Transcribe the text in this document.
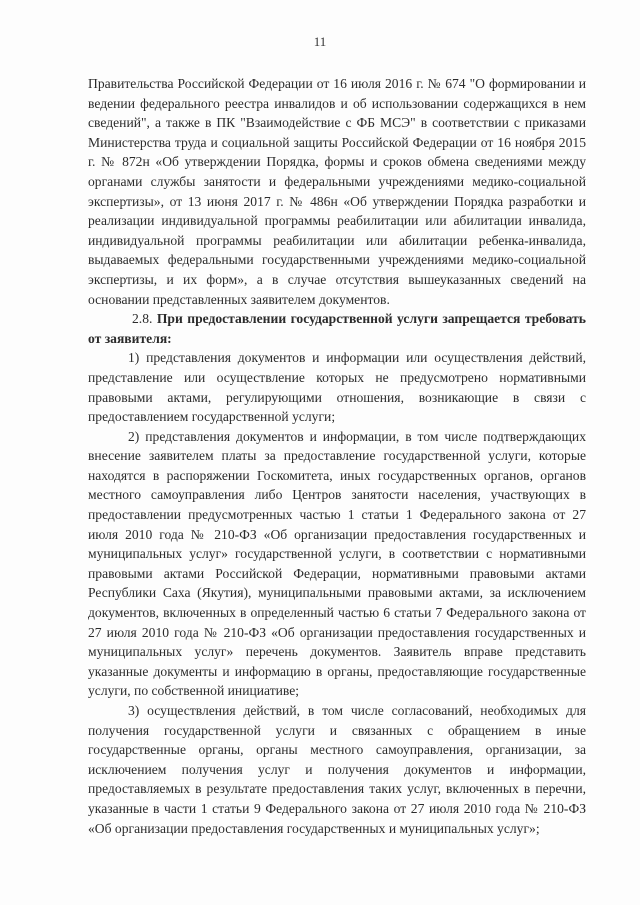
11

Правительства Российской Федерации от 16 июля 2016 г. № 674 "О формировании и ведении федерального реестра инвалидов и об использовании содержащихся в нем сведений", а также в ПК "Взаимодействие с ФБ МСЭ" в соответствии с приказами Министерства труда и социальной защиты Российской Федерации от 16 ноября 2015 г. № 872н «Об утверждении Порядка, формы и сроков обмена сведениями между органами службы занятости и федеральными учреждениями медико-социальной экспертизы», от 13 июня 2017 г. № 486н «Об утверждении Порядка разработки и реализации индивидуальной программы реабилитации или абилитации инвалида, индивидуальной программы реабилитации или абилитации ребенка-инвалида, выдаваемых федеральными государственными учреждениями медико-социальной экспертизы, и их форм», а в случае отсутствия вышеуказанных сведений на основании представленных заявителем документов.

2.8. При предоставлении государственной услуги запрещается требовать от заявителя:

1) представления документов и информации или осуществления действий, представление или осуществление которых не предусмотрено нормативными правовыми актами, регулирующими отношения, возникающие в связи с предоставлением государственной услуги;

2) представления документов и информации, в том числе подтверждающих внесение заявителем платы за предоставление государственной услуги, которые находятся в распоряжении Госкомитета, иных государственных органов, органов местного самоуправления либо Центров занятости населения, участвующих в предоставлении предусмотренных частью 1 статьи 1 Федерального закона от 27 июля 2010 года № 210-ФЗ «Об организации предоставления государственных и муниципальных услуг» государственной услуги, в соответствии с нормативными правовыми актами Российской Федерации, нормативными правовыми актами Республики Саха (Якутия), муниципальными правовыми актами, за исключением документов, включенных в определенный частью 6 статьи 7 Федерального закона от 27 июля 2010 года № 210-ФЗ «Об организации предоставления государственных и муниципальных услуг» перечень документов. Заявитель вправе представить указанные документы и информацию в органы, предоставляющие государственные услуги, по собственной инициативе;

3) осуществления действий, в том числе согласований, необходимых для получения государственной услуги и связанных с обращением в иные государственные органы, органы местного самоуправления, организации, за исключением получения услуг и получения документов и информации, предоставляемых в результате предоставления таких услуг, включенных в перечни, указанные в части 1 статьи 9 Федерального закона от 27 июля 2010 года № 210-ФЗ «Об организации предоставления государственных и муниципальных услуг»;
